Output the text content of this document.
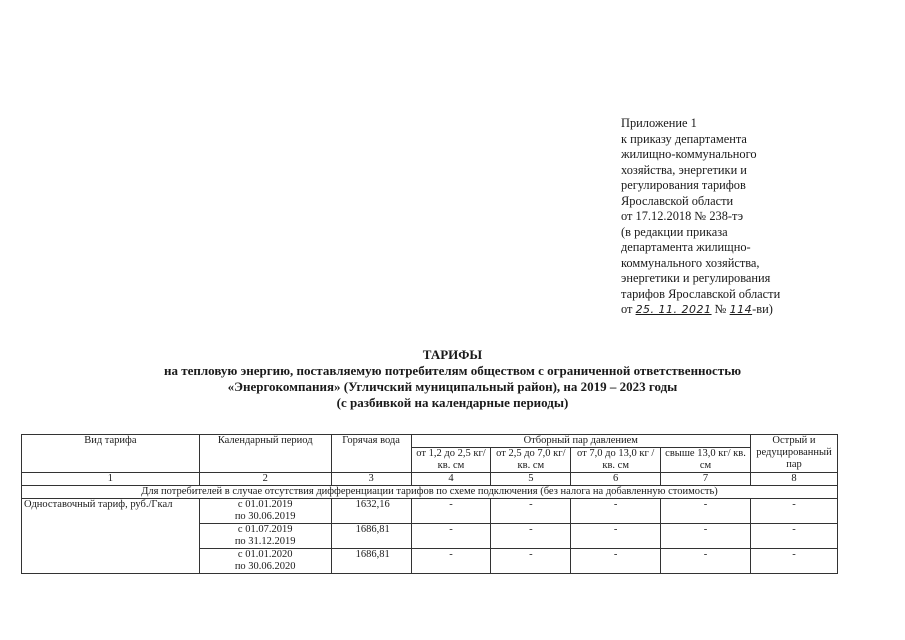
Приложение 1
к приказу департамента
жилищно-коммунального
хозяйства, энергетики и
регулирования тарифов
Ярославской области
от 17.12.2018 № 238-тэ
(в редакции приказа
департамента жилищно-
коммунального хозяйства,
энергетики и регулирования
тарифов Ярославской области
от 25. 11. 2021 № 114-ви)
ТАРИФЫ
на тепловую энергию, поставляемую потребителям обществом с ограниченной ответственностью
«Энергокомпания» (Угличский муниципальный район), на 2019 – 2023 годы
(с разбивкой на календарные периоды)
Вид тарифа	Календарный период	Горячая вода	Отборный пар давлением				Острый и редуцированный пар
			от 1,2 до 2,5 кг/ кв. см	от 2,5 до 7,0 кг/ кв. см	от 7,0 до 13,0 кг /кв. см	свыше 13,0 кг/ кв. см	
1	2	3	4	5	6	7	8
Для потребителей в случае отсутствия дифференциации тарифов по схеме подключения (без налога на добавленную стоимость)							
Одноставочный тариф, руб./Гкал	с 01.01.2019
по 30.06.2019	1632,16	-	-	-	-	-

	с 01.07.2019
по 31.12.2019	1686,81	-	-	-	-	-

	с 01.01.2020
по 30.06.2020	1686,81	-	-	-	-	-
